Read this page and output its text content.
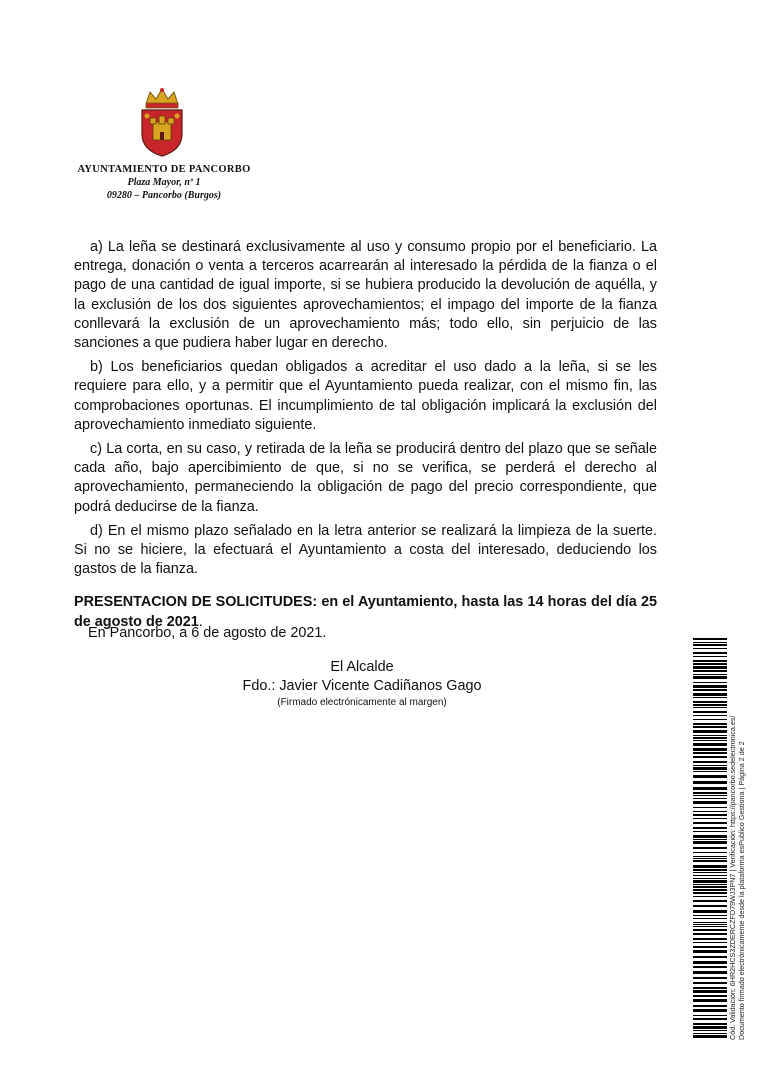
AYUNTAMIENTO DE PANCORBO
Plaza Mayor, nº 1
09280 – Pancorbo (Burgos)

a) La leña se destinará exclusivamente al uso y consumo propio por el beneficiario. La entrega, donación o venta a terceros acarrearán al interesado la pérdida de la fianza o el pago de una cantidad de igual importe, si se hubiera producido la devolución de aquélla, y la exclusión de los dos siguientes aprovechamientos; el impago del importe de la fianza conllevará la exclusión de un aprovechamiento más; todo ello, sin perjuicio de las sanciones a que pudiera haber lugar en derecho.

b) Los beneficiarios quedan obligados a acreditar el uso dado a la leña, si se les requiere para ello, y a permitir que el Ayuntamiento pueda realizar, con el mismo fin, las comprobaciones oportunas. El incumplimiento de tal obligación implicará la exclusión del aprovechamiento inmediato siguiente.

c) La corta, en su caso, y retirada de la leña se producirá dentro del plazo que se señale cada año, bajo apercibimiento de que, si no se verifica, se perderá el derecho al aprovechamiento, permaneciendo la obligación de pago del precio correspondiente, que podrá deducirse de la fianza.

d) En el mismo plazo señalado en la letra anterior se realizará la limpieza de la suerte. Si no se hiciere, la efectuará el Ayuntamiento a costa del interesado, deduciendo los gastos de la fianza.

PRESENTACION DE SOLICITUDES: en el Ayuntamiento, hasta las 14 horas del día 25 de agosto de 2021.

En Pancorbo, a 6 de agosto de 2021.
El Alcalde
Fdo.: Javier Vicente Cadiñanos Gago
(Firmado electrónicamente al margen)
Cód. Validación: 6HR2HCS3ZDERCZFD79WJ3PN7 | Verificación: https://pancorbo.sedelectronica.es/ Documento firmado electrónicamente desde la plataforma esPublico Gestiona | Página 2 de 2
